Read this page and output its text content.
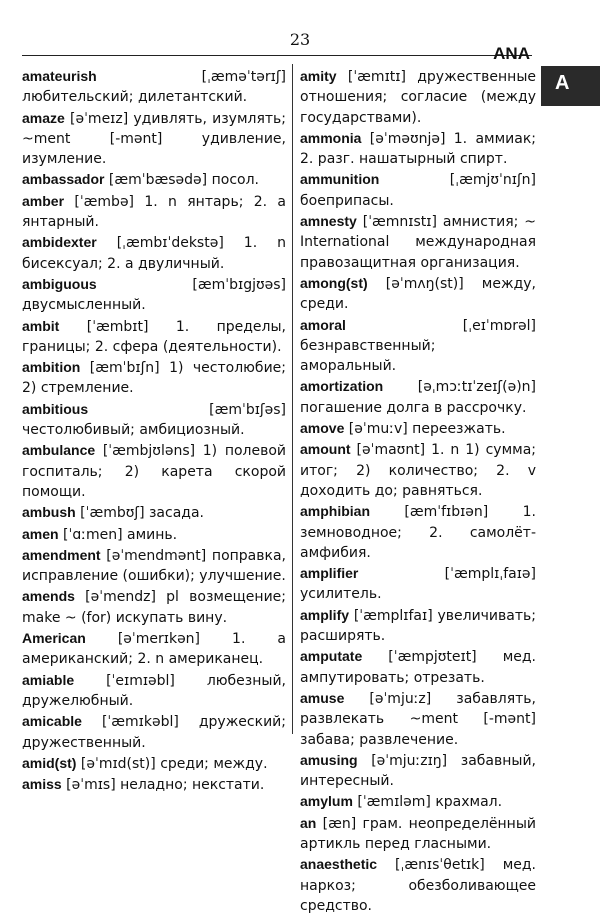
23
ANA
A
amateurish [ˌæməˈtərɪʃ] любительский; дилетантский.
amaze [əˈmeɪz] удивлять, изумлять; ~ment [-mənt] удивление, изумление.
ambassador [æmˈbæsədə] посол.
amber [ˈæmbə] 1. n янтарь; 2. a янтарный.
ambidexter [ˌæmbɪˈdekstə] 1. n бисексуал; 2. a двуличный.
ambiguous [æmˈbɪgjʊəs] двусмысленный.
ambit [ˈæmbɪt] 1. пределы, границы; 2. сфера (деятельности).
ambition [æmˈbɪʃn] 1) честолюбие; 2) стремление.
ambitious [æmˈbɪʃəs] честолюбивый; амбициозный.
ambulance [ˈæmbjʊləns] 1) полевой госпиталь; 2) карета скорой помощи.
ambush [ˈæmbʊʃ] засада.
amen [ˈɑːmen] аминь.
amendment [əˈmendmənt] поправка, исправление (ошибки); улучшение.
amends [əˈmendz] pl возмещение; make ~ (for) искупать вину.
American [əˈmerɪkən] 1. a американский; 2. n американец.
amiable [ˈeɪmɪəbl] любезный, дружелюбный.
amicable [ˈæmɪkəbl] дружеский; дружественный.
amid(st) [əˈmɪd(st)] среди; между.
amiss [əˈmɪs] неладно; некстати.
amity [ˈæmɪtɪ] дружественные отношения; согласие (между государствами).
ammonia [əˈməʊnjə] 1. аммиак; 2. разг. нашатырный спирт.
ammunition [ˌæmjʊˈnɪʃn] боеприпасы.
amnesty [ˈæmnɪstɪ] амнистия; ~ International международная правозащитная организация.
among(st) [əˈmʌŋ(st)] между, среди.
amoral [ˌeɪˈmɒrəl] безнравственный; аморальный.
amortization [əˌmɔːtɪˈzeɪʃ(ə)n] погашение долга в рассрочку.
amove [əˈmuːv] переезжать.
amount [əˈmaʊnt] 1. n 1) сумма; итог; 2) количество; 2. v доходить до; равняться.
amphibian [æmˈfɪbɪən] 1. земноводное; 2. самолёт-амфибия.
amplifier [ˈæmplɪˌfaɪə] усилитель.
amplify [ˈæmplɪfaɪ] увеличивать; расширять.
amputate [ˈæmpjʊteɪt] мед. ампутировать; отрезать.
amuse [əˈmjuːz] забавлять, развлекать ~ment [-mənt] забава; развлечение.
amusing [əˈmjuːzɪŋ] забавный, интересный.
amylum [ˈæmɪləm] крахмал.
an [æn] грам. неопределённый артикль перед гласными.
anaesthetic [ˌænɪsˈθetɪk] мед. наркоз; обезболивающее средство.
